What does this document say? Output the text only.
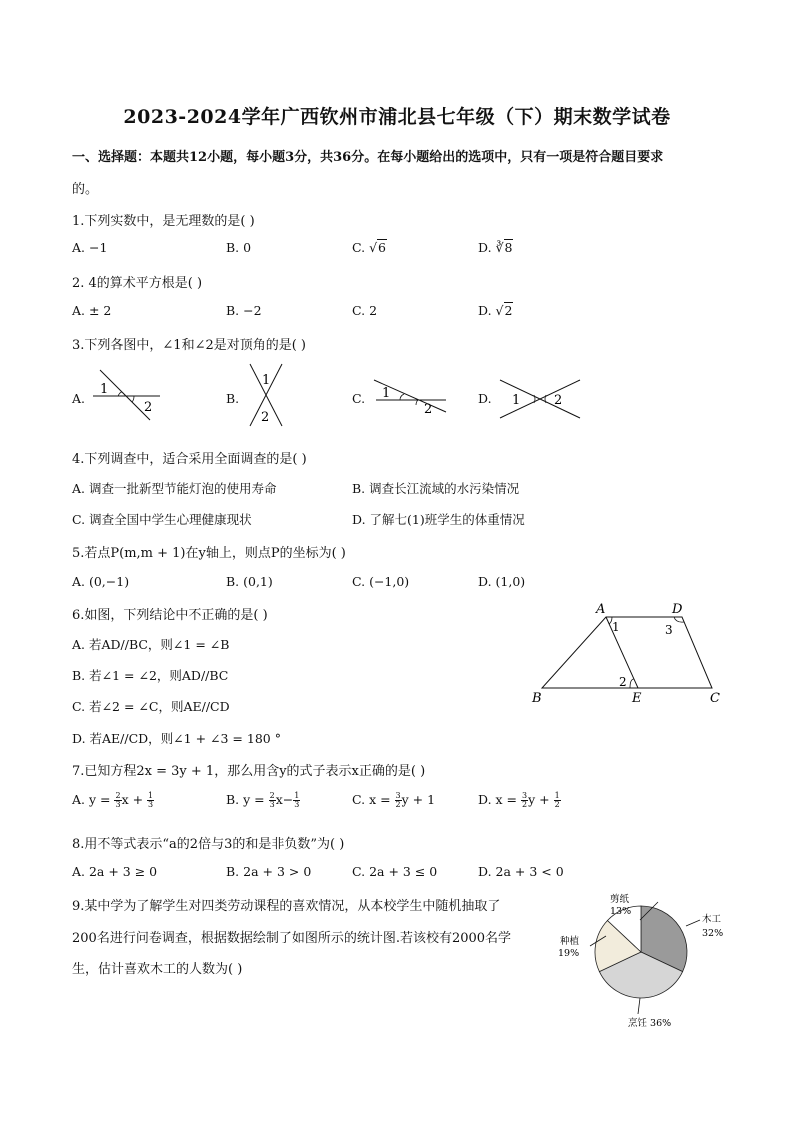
2023-2024学年广西钦州市浦北县七年级（下）期末数学试卷
一、选择题：本题共12小题，每小题3分，共36分。在每小题给出的选项中，只有一项是符合题目要求
的。
1.下列实数中，是无理数的是( )
A. −1	B. 0	C. √6	D. ∛8
2. 4的算术平方根是( )
A. ± 2	B. −2	C. 2	D. √2
3.下列各图中，∠1和∠2是对顶角的是( )
A.	B.	C.	D.
1
2
1
2
1
2
1	2
4.下列调查中，适合采用全面调查的是( )
A. 调查一批新型节能灯泡的使用寿命	B. 调查长江流域的水污染情况
C. 调查全国中学生心理健康现状	D. 了解七(1)班学生的体重情况
5.若点P(m,m + 1)在y轴上，则点P的坐标为( )
A. (0,−1)	B. (0,1)	C. (−1,0)	D. (1,0)
6.如图，下列结论中不正确的是( )
A. 若AD//BC，则∠1 = ∠B
B. 若∠1 = ∠2，则AD//BC
C. 若∠2 = ∠C，则AE//CD
D. 若AE//CD，则∠1 + ∠3 = 180 °
A	D
B	E	C
1
2
3
7.已知方程2x = 3y + 1，那么用含y的式子表示x正确的是( )
A. $y = \frac{2}{3}$ $x + \frac{1}{3}$	B. $y = \frac{2}{3} x- \frac{1}{3}$	C. $x = \frac{3}{2}$ y + 1	D. $x = \frac{3}{2}$ $y + \frac{1}{2}$
8.用不等式表示“a的2倍与3的和是非负数”为( )
A. 2a + 3 ≥ 0	B. 2a + 3 > 0	C. 2a + 3 ≤ 0	D. 2a + 3 < 0
9.某中学为了解学生对四类劳动课程的喜欢情况，从本校学生中随机抽取了
200名进行问卷调查，根据数据绘制了如图所示的统计图.若该校有2000名学
生，估计喜欢木工的人数为( )
剪纸
13%
木工
32%
种植
19%
烹饪 36%
